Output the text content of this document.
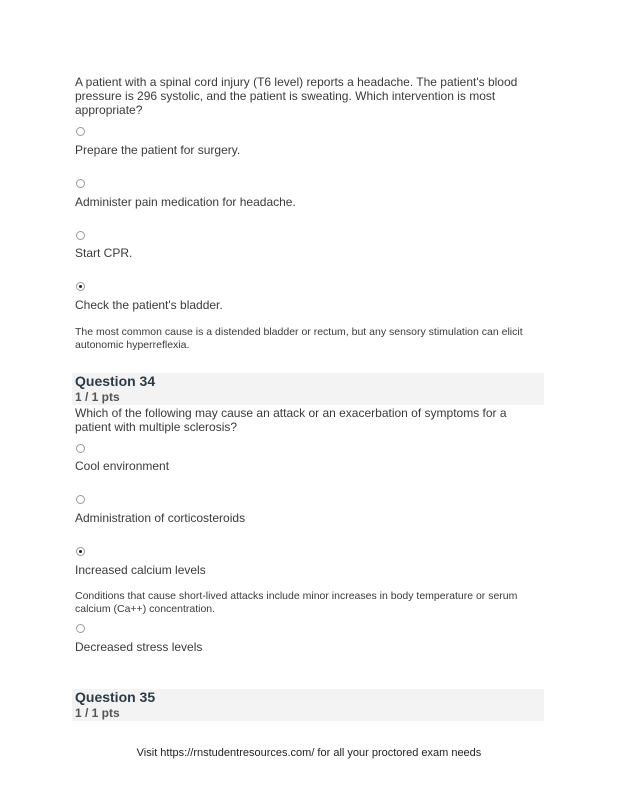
A patient with a spinal cord injury (T6 level) reports a headache. The patient's blood pressure is 296 systolic, and the patient is sweating. Which intervention is most appropriate?
Prepare the patient for surgery.
Administer pain medication for headache.
Start CPR.
Check the patient's bladder.
The most common cause is a distended bladder or rectum, but any sensory stimulation can elicit autonomic hyperreflexia.
Question 34
1 / 1 pts
Which of the following may cause an attack or an exacerbation of symptoms for a patient with multiple sclerosis?
Cool environment
Administration of corticosteroids
Increased calcium levels
Conditions that cause short-lived attacks include minor increases in body temperature or serum calcium (Ca++) concentration.
Decreased stress levels
Question 35
1 / 1 pts
Visit https://rnstudentresources.com/ for all your proctored exam needs
